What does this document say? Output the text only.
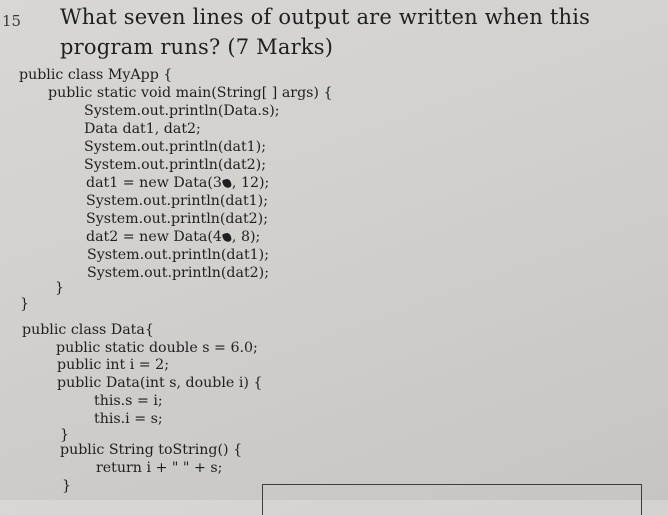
15 What seven lines of output are written when this program runs? (7 Marks)
public class MyApp {
public static void main(String[ ] args) {
System.out.println(Data.s);
Data dat1, dat2;
System.out.println(dat1);
System.out.println(dat2);
dat1 = new Data(3 , 12);
System.out.println(dat1);
System.out.println(dat2);
dat2 = new Data(4 , 8);
System.out.println(dat1);
System.out.println(dat2);
}
}
public class Data{
public static double s = 6.0;
public int i = 2;
public Data(int s, double i) {
this.s = i;
this.i = s;
}
public String toString() {
return i + " " + s;
}
